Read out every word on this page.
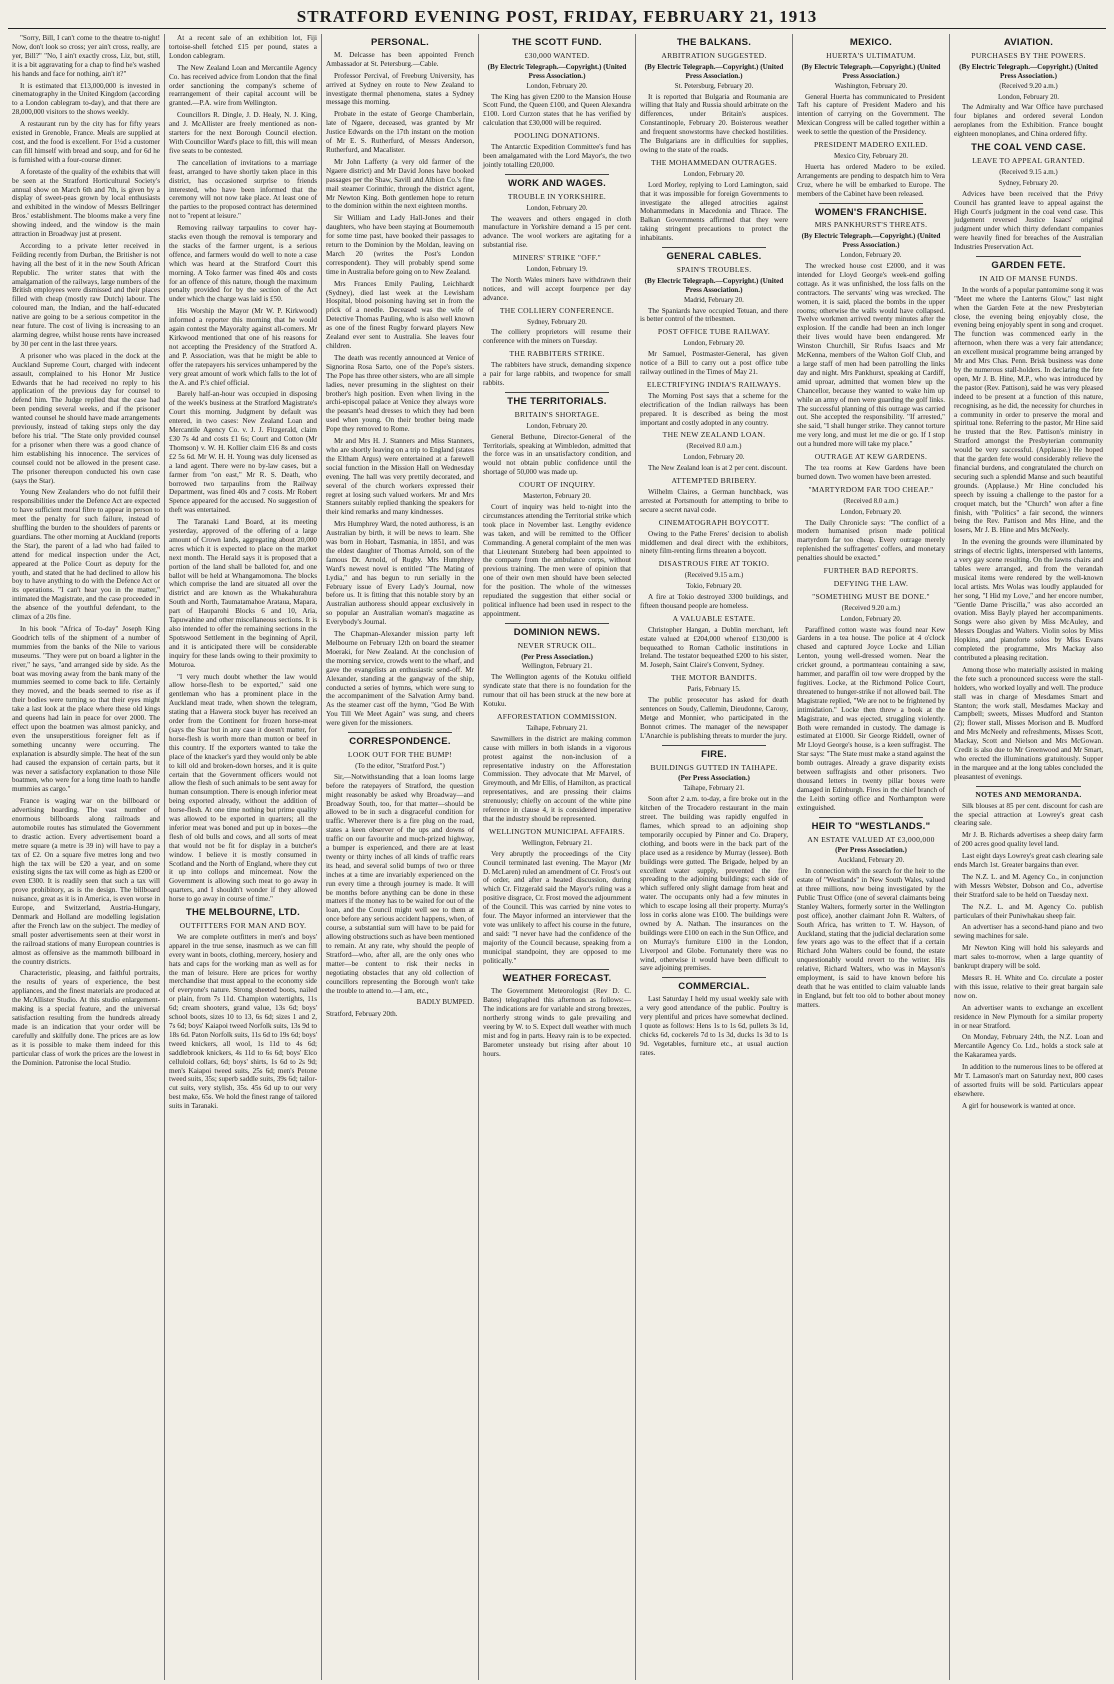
STRATFORD EVENING POST, FRIDAY, FEBRUARY 21, 1913

"Sorry, Bill, I can't come to the theatre to-night! Now, don't look so cross; yer ain't cross, really, are yer, Bill?" "No, I ain't exactly cross, Liz, but, still, it is a bit aggravating for a chap to find he's washed his hands and face for nothing, ain't it?"

It is estimated that £13,000,000 is invested in cinematography in the United Kingdom (according to a London cablegram to-day), and that there are 28,000,000 visitors to the shows weekly.

A restaurant run by the city has for fifty years existed in Grenoble, France. Meals are supplied at cost, and the food is excellent. For 1½d a customer can fill himself with bread and soup, and for 6d he is furnished with a four-course dinner.

A foretaste of the quality of the exhibits that will be seen at the Stratford Horticultural Society's annual show on March 6th and 7th, is given by a display of sweet-peas grown by local enthusiasts and exhibited in the window of Messrs Bellringer Bros.' establishment. The blooms make a very fine showing indeed, and the window is the main attraction in Broadway just at present.

According to a private letter received in Feilding recently from Durban, the Britisher is not having all the best of it in the new South African Republic. The writer states that with the amalgamation of the railways, large numbers of the British employees were dismissed and their places filled with cheap (mostly raw Dutch) labour. The coloured man, the Indian, and the half-educated native are going to be a serious competitor in the near future. The cost of living is increasing to an alarming degree, whilst house rents have increased by 30 per cent in the last three years.

A prisoner who was placed in the dock at the Auckland Supreme Court, charged with indecent assault, complained to his Honor Mr Justice Edwards that he had received no reply to his application of the previous day for counsel to defend him. The Judge replied that the case had been pending several weeks, and if the prisoner wanted counsel he should have made arrangements previously, instead of taking steps only the day before his trial. "The State only provided counsel for a prisoner when there was a good chance of him establishing his innocence. The services of counsel could not be allowed in the present case. The prisoner thereupon conducted his own case (says the Star).

Young New Zealanders who do not fulfil their responsibilities under the Defence Act are expected to have sufficient moral fibre to appear in person to meet the penalty for such failure, instead of shuffling the burden to the shoulders of parents or guardians. The other morning at Auckland (reports the Star), the parent of a lad who had failed to attend for medical inspection under the Act, appeared at the Police Court as deputy for the youth, and stated that he had declined to allow his boy to have anything to do with the Defence Act or its operations. "I can't hear you in the matter," intimated the Magistrate, and the case proceeded in the absence of the youthful defendant, to the climax of a 20s fine.

In his book "Africa of To-day" Joseph King Goodrich tells of the shipment of a number of mummies from the banks of the Nile to various museums. "They were put on board a lighter in the river," he says, "and arranged side by side. As the boat was moving away from the bank many of the mummies seemed to come back to life. Certainly they moved, and the beads seemed to rise as if their bodies were turning so that their eyes might take a last look at the place where these old kings and queens had lain in peace for over 2000. The effect upon the boatmen was almost panicky, and even the unsuperstitious foreigner felt as if something uncanny were occurring. The explanation is absurdly simple. The heat of the sun had caused the expansion of certain parts, but it was never a satisfactory explanation to those Nile boatmen, who were for a long time loath to handle mummies as cargo."

France is waging war on the billboard or advertising hoarding. The vast number of enormous billboards along railroads and automobile routes has stimulated the Government to drastic action. Every advertisement board a metre square (a metre is 39 in) will have to pay a tax of £2. On a square five metres long and two high the tax will be £20 a year, and on some existing signs the tax will come as high as £200 or even £300. It is readily seen that such a tax will prove prohibitory, as is the design. The billboard nuisance, great as it is in America, is even worse in Europe, and Switzerland, Austria-Hungary, Denmark and Holland are modelling legislation after the French law on the subject. The medley of small poster advertisements seen at their worst in the railroad stations of many European countries is almost as offensive as the mammoth billboard in the country districts.

Characteristic, pleasing, and faithful portraits, the results of years of experience, the best appliances, and the finest materials are produced at the McAllister Studio. At this studio enlargement-making is a special feature, and the universal satisfaction resulting from the hundreds already made is an indication that your order will be carefully and skilfully done. The prices are as low as it is possible to make them indeed for this particular class of work the prices are the lowest in the Dominion. Patronise the local Studio.

At a recent sale of an exhibition lot, Fiji tortoise-shell fetched £15 per pound, states a London cablegram.

The New Zealand Loan and Mercantile Agency Co. has received advice from London that the final order sanctioning the company's scheme of rearrangement of their capital account will be granted.—P.A. wire from Wellington.

Councillors R. Dingle, J. D. Healy, N. J. King, and J. McAllister are freely mentioned as non-starters for the next Borough Council election. With Councillor Ward's place to fill, this will mean five seats to be contested.

The cancellation of invitations to a marriage feast, arranged to have shortly taken place in this district, has occasioned surprise to friends interested, who have been informed that the ceremony will not now take place. At least one of the parties to the proposed contract has determined not to "repent at leisure."

Removing railway tarpaulins to cover hay-stacks even though the removal is temporary and the stacks of the farmer urgent, is a serious offence, and farmers would do well to note a case which was heard at the Stratford Court this morning. A Toko farmer was fined 40s and costs for an offence of this nature, though the maximum penalty provided for by the section of the Act under which the charge was laid is £50.

His Worship the Mayor (Mr W. P. Kirkwood) informed a reporter this morning that he would again contest the Mayoralty against all-comers. Mr Kirkwood mentioned that one of his reasons for not accepting the Presidency of the Stratford A. and P. Association, was that he might be able to offer the ratepayers his services unhampered by the very great amount of work which falls to the lot of the A. and P.'s chief official.

Barely half-an-hour was occupied in disposing of the week's business at the Stratford Magistrate's Court this morning. Judgment by default was entered, in two cases: New Zealand Loan and Mercantile Agency Co. v. J. J. Fitzgerald, claim £30 7s 4d and costs £1 6s; Court and Cotton (Mr Thomson) v. W. H. Kollier claim £16 8s and costs £2 5s 6d. Mr W. H. H. Young was duly licensed as a land agent. There were no by-law cases, but a farmer from "on east," Mr R. S. Death, who borrowed two tarpaulins from the Railway Department, was fined 40s and 7 costs. Mr Robert Spence appeared for the accused. No suggestion of theft was entertained.

The Taranaki Land Board, at its meeting yesterday, approved of the offering of a large amount of Crown lands, aggregating about 20,000 acres which it is expected to place on the market next month. The Herald says it is proposed that a portion of the land shall be balloted for, and one ballot will be held at Whangamomona. The blocks which comprise the land are situated all over the district and are known as the Whakahurahura South and North, Taumatamahoe Arataua, Mapara, part of Hauparohi Blocks 6 and 10, Aria, Tapuwahine and other miscellaneous sections. It is also intended to offer the remaining sections in the Spotswood Settlement in the beginning of April, and it is anticipated there will be considerable inquiry for these lands owing to their proximity to Moturoa.

"I very much doubt whether the law would allow horse-flesh to be exported," said one gentleman who has a prominent place in the Auckland meat trade, when shown the telegram, stating that a Hawera stock buyer has received an order from the Continent for frozen horse-meat (says the Star but in any case it doesn't matter, for horse-flesh is worth more than mutton or beef in this country. If the exporters wanted to take the place of the knacker's yard they would only be able to kill old and broken-down horses, and it is quite certain that the Government officers would not allow the flesh of such animals to be sent away for human consumption. There is enough inferior meat being exported already, without the addition of horse-flesh. At one time nothing but prime quality was allowed to be exported in quarters; all the inferior meat was boned and put up in boxes—the flesh of old bulls and cows, and all sorts of meat that would not be fit for display in a butcher's window. I believe it is mostly consumed in Scotland and the North of England, where they cut it up into collops and mincemeat. Now the Government is allowing such meat to go away in quarters, and I shouldn't wonder if they allowed horse to go away in course of time."

THE MELBOURNE, LTD.
OUTFITTERS FOR MAN AND BOY.

We are complete outfitters in men's and boys' apparel in the true sense, inasmuch as we can fill every want in boots, clothing, mercery, hosiery and hats and caps for the working man as well as for the man of leisure. Here are prices for worthy merchandise that must appeal to the economy side of everyone's nature. Strong sheeted boots, nailed or plain, from 7s 11d. Champion watertights, 11s 6d; cream shooters, grand value, 13s 6d; boys' school boots, sizes 10 to 13, 6s 6d; sizes 1 and 2, 7s 6d; boys' Kaiapoi tweed Norfolk suits, 13s 9d to 18s 6d. Paton Norfolk suits, 11s 6d to 19s 6d; boys' tweed knickers, all wool, 1s 11d to 4s 6d; saddlebrook knickers, 4s 11d to 6s 6d; boys' Elco celluloid collars, 6d; boys' shirts, 1s 6d to 2s 9d; men's Kaiapoi tweed suits, 25s 6d; men's Petone tweed suits, 35s; superb saddle suits, 39s 6d; tailor-cut suits, very stylish, 35s. 45s 6d up to our very best make, 65s. We hold the finest range of tailored suits in Taranaki.

PERSONAL.

M. Delcasse has been appointed French Ambassador at St. Petersburg.—Cable.

Professor Percival, of Freeburg University, has arrived at Sydney en route to New Zealand to investigate thermal phenomena, states a Sydney message this morning.

Probate in the estate of George Chamberlain, late of Ngaere, deceased, was granted by Mr Justice Edwards on the 17th instant on the motion of Mr E. S. Rutherfurd, of Messrs Anderson, Rutherfurd, and Macalister.

Mr John Lafferty (a very old farmer of the Ngaere district) and Mr David Jones have booked passages per the Shaw, Savill and Albion Co.'s fine mail steamer Corinthic, through the district agent, Mr Newton King. Both gentlemen hope to return to the dominion within the next eighteen months.

Sir William and Lady Hall-Jones and their daughters, who have been staying at Bournemouth for some time past, have booked their passages to return to the Dominion by the Moldan, leaving on March 20 (writes the Post's London correspondent). They will probably spend some time in Australia before going on to New Zealand.

Mrs Frances Emily Pauling, Leichhardt (Sydney), died last week at the Lewisham Hospital, blood poisoning having set in from the prick of a needle. Deceased was the wife of Detective Thomas Pauling, who is also well known as one of the finest Rugby forward players New Zealand ever sent to Australia. She leaves four children.

The death was recently announced at Venice of Signorina Rosa Sarto, one of the Pope's sisters. The Pope has three other sisters, who are all simple ladies, never presuming in the slightest on their brother's high position. Even when living in the archi-episcopal palace at Venice they always wore the peasant's head dresses to which they had been used when young. On their brother being made Pope they removed to Rome.

Mr and Mrs H. J. Stanners and Miss Stanners, who are shortly leaving on a trip to England (states the Eltham Argus) were entertained at a farewell social function in the Mission Hall on Wednesday evening. The hall was very prettily decorated, and several of the church workers expressed their regret at losing such valued workers. Mr and Mrs Stanners suitably replied thanking the speakers for their kind remarks and many kindnesses.

Mrs Humphrey Ward, the noted authoress, is an Australian by birth, it will be news to learn. She was born in Hobart, Tasmania, in 1851, and was the eldest daughter of Thomas Arnold, son of the famous Dr. Arnold, of Rugby. Mrs Humphrey Ward's newest novel is entitled "The Mating of Lydia," and has begun to run serially in the February issue of Every Lady's Journal, now before us. It is fitting that this notable story by an Australian authoress should appear exclusively in so popular an Australian woman's magazine as Everybody's Journal.

The Chapman-Alexander mission party left Melbourne on February 12th on board the steamer Moeraki, for New Zealand. At the conclusion of the morning service, crowds went to the wharf, and gave the evangelists an enthusiastic send-off. Mr Alexander, standing at the gangway of the ship, conducted a series of hymns, which were sung to the accompaniment of the Salvation Army band. As the steamer cast off the hymn, "God Be With You Till We Meet Again" was sung, and cheers were given for the missioners.

CORRESPONDENCE.
LOOK OUT FOR THE BUMP!
(To the editor, "Stratford Post.")

Sir,—Notwithstanding that a loan looms large before the ratepayers of Stratford, the question might reasonably be asked why Broadway—and Broadway South, too, for that matter—should be allowed to be in such a disgraceful condition for traffic. Wherever there is a fire plug on the road, states a keen observer of the ups and downs of traffic on our favourite and much-prized highway, a bumper is experienced, and there are at least twenty or thirty inches of all kinds of traffic rears its head, and several solid bumps of two or three inches at a time are invariably experienced on the run every time a through journey is made. It will be months before anything can be done in these matters if the money has to be waited for out of the loan, and the Council might well see to them at once before any serious accident happens, when, of course, a substantial sum will have to be paid for allowing obstructions such as have been mentioned to remain. At any rate, why should the people of Stratford—who, after all, are the only ones who matter—be content to risk their necks in negotiating obstacles that any old collection of councillors representing the Borough won't take the trouble to attend to.—I am, etc.,

BADLY BUMPED.
Stratford, February 20th.
THE SCOTT FUND.
£30,000 WANTED.
(By Electric Telegraph.—Copyright.) (United Press Association.)
London, February 20.

The King has given £200 to the Mansion House Scott Fund, the Queen £100, and Queen Alexandra £100. Lord Curzon states that he has verified by calculation that £30,000 will be required.

POOLING DONATIONS.

The Antarctic Expedition Committee's fund has been amalgamated with the Lord Mayor's, the two jointly totalling £20,000.

WORK AND WAGES.
TROUBLE IN YORKSHIRE.
London, February 20.

The weavers and others engaged in cloth manufacture in Yorkshire demand a 15 per cent. advance. The wool workers are agitating for a substantial rise.

MINERS' STRIKE "OFF."
London, February 19.

The North Wales miners have withdrawn their notices, and will accept fourpence per day advance.

THE COLLIERY CONFERENCE.
Sydney, February 20.

The colliery proprietors will resume their conference with the miners on Tuesday.

THE RABBITERS STRIKE.

The rabbiters have struck, demanding sixpence a pair for large rabbits, and twopence for small rabbits.

THE TERRITORIALS.
BRITAIN'S SHORTAGE.
London, February 20.

General Bethune, Director-General of the Territorials, speaking at Wimbledon, admitted that the force was in an unsatisfactory condition, and would not obtain public confidence until the shortage of 50,000 was made up.

COURT OF INQUIRY.
Masterton, February 20.

Court of inquiry was held to-night into the circumstances attending the Territorial strike which took place in November last. Lengthy evidence was taken, and will be remitted to the Officer Commanding. A general complaint of the men was that Lieutenant Stuteberg had been appointed to the company from the ambulance corps, without previous training. The men were of opinion that one of their own men should have been selected for the position. The whole of the witnesses repudiated the suggestion that either social or political influence had been used in respect to the appointment.

DOMINION NEWS.
NEVER STRUCK OIL.
(Per Press Association.)
Wellington, February 21.

The Wellington agents of the Kotuku oilfield syndicate state that there is no foundation for the rumour that oil has been struck at the new bore at Kotuku.

AFFORESTATION COMMISSION.
Taihape, February 21.

Sawmillers in the district are making common cause with millers in both islands in a vigorous protest against the non-inclusion of a representative industry on the Afforestation Commission. They advocate that Mr Marvel, of Greymouth, and Mr Ellis, of Hamilton, as practical representatives, and are pressing their claims strenuously; chiefly on account of the white pine reference in clause 4, it is considered imperative that the industry should be represented.

WELLINGTON MUNICIPAL AFFAIRS.
Wellington, February 21.

Very abruptly the proceedings of the City Council terminated last evening. The Mayor (Mr D. McLaren) ruled an amendment of Cr. Frost's out of order, and after a heated discussion, during which Cr. Fitzgerald said the Mayor's ruling was a positive disgrace, Cr. Frost moved the adjournment of the Council. This was carried by nine votes to four. The Mayor informed an interviewer that the vote was unlikely to affect his course in the future, and said: "I never have had the confidence of the majority of the Council because, speaking from a municipal standpoint, they are opposed to me politically."

WEATHER FORECAST.

The Government Meteorologist (Rev D. C. Bates) telegraphed this afternoon as follows:— The indications are for variable and strong breezes, northerly strong winds to gale prevailing and veering by W. to S. Expect dull weather with much mist and fog in parts. Heavy rain is to be expected. Barometer unsteady but rising after about 10 hours.

THE BALKANS.
ARBITRATION SUGGESTED.
(By Electric Telegraph.—Copyright.) (United Press Association.)
St. Petersburg, February 20.

It is reported that Bulgaria and Roumania are willing that Italy and Russia should arbitrate on the differences, under Britain's auspices. Constantinople, February 20. Boisterous weather and frequent snowstorms have checked hostilities. The Bulgarians are in difficulties for supplies, owing to the state of the roads.

THE MOHAMMEDAN OUTRAGES.
London, February 20.

Lord Morley, replying to Lord Lamington, said that it was impossible for foreign Governments to investigate the alleged atrocities against Mohammedans in Macedonia and Thrace. The Balkan Governments affirmed that they were taking stringent precautions to protect the inhabitants.

GENERAL CABLES.
SPAIN'S TROUBLES.
(By Electric Telegraph.—Copyright.) (United Press Association.)
Madrid, February 20.

The Spaniards have occupied Tetuan, and there is better control of the tribesmen.

POST OFFICE TUBE RAILWAY.
London, February 20.

Mr Samuel, Postmaster-General, has given notice of a Bill to carry out a post office tube railway outlined in the Times of May 21.

ELECTRIFYING INDIA'S RAILWAYS.

The Morning Post says that a scheme for the electrification of the Indian railways has been prepared. It is described as being the most important and costly adopted in any country.

THE NEW ZEALAND LOAN.
(Received 8.0 a.m.)
London, February 20.

The New Zealand loan is at 2 per cent. discount.

ATTEMPTED BRIBERY.

Wilhelm Claires, a German hunchback, was arrested at Portsmouth for attempting to bribe to secure a secret naval code.

CINEMATOGRAPH BOYCOTT.

Owing to the Pathe Freres' decision to abolish middlemen and deal direct with the exhibitors, ninety film-renting firms threaten a boycott.

DISASTROUS FIRE AT TOKIO.
(Received 9.15 a.m.)
Tokio, February 20.

A fire at Tokio destroyed 3300 buildings, and fifteen thousand people are homeless.

A VALUABLE ESTATE.

Christopher Hangan, a Dublin merchant, left estate valued at £204,000 whereof £130,000 is bequeathed to Roman Catholic institutions in Ireland. The testator bequeathed £200 to his sister, M. Joseph, Saint Claire's Convent, Sydney.

THE MOTOR BANDITS.
Paris, February 15.

The public prosecutor has asked for death sentences on Soudy, Callemin, Dieudonne, Carouy, Metge and Monnier, who participated in the Bonnot crimes. The manager of the newspaper L'Anarchie is publishing threats to murder the jury.

FIRE.
BUILDINGS GUTTED IN TAIHAPE.
(Per Press Association.)
Taihape, February 21.

Soon after 2 a.m. to-day, a fire broke out in the kitchen of the Trocadero restaurant in the main street. The building was rapidly engulfed in flames, which spread to an adjoining shop temporarily occupied by Pinner and Co. Drapery, clothing, and boots were in the back part of the place used as a residence by Murray (lessee). Both buildings were gutted. The Brigade, helped by an excellent water supply, prevented the fire spreading to the adjoining buildings; each side of which suffered only slight damage from heat and water. The occupants only had a few minutes in which to escape losing all their property. Murray's loss in corks alone was £100. The buildings were owned by A. Nathan. The insurances on the buildings were £100 on each in the Sun Office, and on Murray's furniture £100 in the London, Liverpool and Globe. Fortunately there was no wind, otherwise it would have been difficult to save adjoining premises.

COMMERCIAL.

Last Saturday I held my usual weekly sale with a very good attendance of the public. Poultry is very plentiful and prices have somewhat declined. I quote as follows: Hens 1s to 1s 6d, pullets 3s 1d, chicks 6d, cockerels 7d to 1s 3d, ducks 1s 3d to 1s 9d. Vegetables, furniture etc., at usual auction rates.

MEXICO.
HUERTA'S ULTIMATUM.
(By Electric Telegraph.—Copyright.) (United Press Association.)
Washington, February 20.

General Huerta has communicated to President Taft his capture of President Madero and his intention of carrying on the Government. The Mexican Congress will be called together within a week to settle the question of the Presidency.

PRESIDENT MADERO EXILED.
Mexico City, February 20.

Huerta has ordered Madero to be exiled. Arrangements are pending to despatch him to Vera Cruz, where he will be embarked to Europe. The members of the Cabinet have been released.

WOMEN'S FRANCHISE.
MRS PANKHURST'S THREATS.
(By Electric Telegraph.—Copyright.) (United Press Association.)
London, February 20.

The wrecked house cost £2000, and it was intended for Lloyd George's week-end golfing cottage. As it was unfinished, the loss falls on the contractors. The servants' wing was wrecked. The women, it is said, placed the bombs in the upper rooms; otherwise the walls would have collapsed. Twelve workmen arrived twenty minutes after the explosion. If the candle had been an inch longer their lives would have been endangered. Mr Winston Churchill, Sir Rufus Isaacs and Mr McKenna, members of the Walton Golf Club, and a large staff of men had been patrolling the links day and night. Mrs Pankhurst, speaking at Cardiff, amid uproar, admitted that women blew up the Chancellor, because they wanted to wake him up while an army of men were guarding the golf links. The successful planning of this outrage was carried out. She accepted the responsibility. "If arrested," she said, "I shall hunger strike. They cannot torture me very long, and must let me die or go. If I stop out a hundred more will take my place."

OUTRAGE AT KEW GARDENS.

The tea rooms at Kew Gardens have been burned down. Two women have been arrested.

"MARTYRDOM FAR TOO CHEAP."
(Received 8.0 a.m.)
London, February 20.

The Daily Chronicle says: "The conflict of a modern humanised prison made political martyrdom far too cheap. Every outrage merely replenished the suffragettes' coffers, and monetary penalties should be exacted."

FURTHER BAD REPORTS.
DEFYING THE LAW.
"SOMETHING MUST BE DONE."
(Received 9.20 a.m.)
London, February 20.

Paraffined cotton waste was found near Kew Gardens in a tea house. The police at 4 o'clock chased and captured Joyce Locke and Lilian Lenton, young well-dressed women. Near the cricket ground, a portmanteau containing a saw, hammer, and paraffin oil tow were dropped by the fugitives. Locke, at the Richmond Police Court, threatened to hunger-strike if not allowed bail. The Magistrate replied, "We are not to be frightened by intimidation." Locke then threw a book at the Magistrate, and was ejected, struggling violently. Both were remanded in custody. The damage is estimated at £1000. Sir George Riddell, owner of Mr Lloyd George's house, is a keen suffragist. The Star says: "The State must make a stand against the bomb outrages. Already a grave disparity exists between suffragists and other prisoners. Two thousand letters in twenty pillar boxes were damaged in Edinburgh. Fires in the chief branch of the Leith sorting office and Northampton were extinguished.

HEIR TO "WESTLANDS."
AN ESTATE VALUED AT £3,000,000
(Per Press Association.)
Auckland, February 20.

In connection with the search for the heir to the estate of "Westlands" in New South Wales, valued at three millions, now being investigated by the Public Trust Office (one of several claimants being Stanley Walters, formerly sorter in the Wellington post office), another claimant John R. Walters, of South Africa, has written to T. W. Hayson, of Auckland, stating that the judicial declaration some few years ago was to the effect that if a certain Richard John Walters could be found, the estate unquestionably would revert to the writer. His relative, Richard Walters, who was in Mayson's employment, is said to have known before his death that he was entitled to claim valuable lands in England, but felt too old to bother about money matters.

AVIATION.
PURCHASES BY THE POWERS.
(By Electric Telegraph.—Copyright.) (United Press Association.)
(Received 9.20 a.m.)
London, February 20.

The Admiralty and War Office have purchased four biplanes and ordered several London aeroplanes from the Exhibition. France bought eighteen monoplanes, and China ordered fifty.

THE COAL VEND CASE.
LEAVE TO APPEAL GRANTED.
(Received 9.15 a.m.)
Sydney, February 20.

Advices have been received that the Privy Council has granted leave to appeal against the High Court's judgment in the coal vend case. This judgement reversed Justice Isaacs' original judgment under which thirty defendant companies were heavily fined for breaches of the Australian Industries Preservation Act.

GARDEN FETE.
IN AID OF MANSE FUNDS.

In the words of a popular pantomime song it was "Meet me where the Lanterns Glow," last night when the Garden Fete at the new Presbyterian close, the evening being enjoyably close, the evening being enjoyably spent in song and croquet. The function was commenced early in the afternoon, when there was a very fair attendance; an excellent musical programme being arranged by Mr and Mrs Chas. Penn. Brisk business was done by the numerous stall-holders. In declaring the fete open, Mr J. B. Hine, M.P., who was introduced by the pastor (Rev. Pattison), said he was very pleased indeed to be present at a function of this nature, recognising, as he did, the necessity for churches in a community in order to preserve the moral and spiritual tone. Referring to the pastor, Mr Hine said he trusted that the Rev. Pattison's ministry in Stratford amongst the Presbyterian community would be very successful. (Applause.) He hoped that the garden fete would considerably relieve the financial burdens, and congratulated the church on securing such a splendid Manse and such beautiful grounds. (Applause.) Mr Hine concluded his speech by issuing a challenge to the pastor for a croquet match, but the "Church" won after a fine finish, with "Politics" a fair second, the winners being the Rev. Pattison and Mrs Hine, and the losers, Mr J. B. Hine and Mrs McNeely.

In the evening the grounds were illuminated by strings of electric lights, interspersed with lanterns, a very gay scene resulting. On the lawns chairs and tables were arranged, and from the verandah musical items were rendered by the well-known local artists. Mrs Wolas was loudly applauded for her song, "I Hid my Love," and her encore number, "Gentle Dame Priscilla," was also accorded an ovation. Miss Bayly played her accompaniments. Songs were also given by Miss McAuley, and Messrs Douglas and Walters. Violin solos by Miss Hopkins, and pianoforte solos by Miss Evans completed the programme, Mrs Mackay also contributed a pleasing recitation.

Among those who materially assisted in making the fete such a pronounced success were the stall-holders, who worked loyally and well. The produce stall was in charge of Mesdames Smart and Stanton; the work stall, Mesdames Mackay and Campbell; sweets, Misses Mudford and Stanton (2); flower stall, Misses Morison and B. Mudford and Mrs McNeely and refreshments, Misses Scott, Mackay, Scott and Nielson and Mrs McGowan. Credit is also due to Mr Greenwood and Mr Smart, who erected the illuminations gratuitously. Supper in the marquee and at the long tables concluded the pleasantest of evenings.

NOTES AND MEMORANDA.

Silk blouses at 85 per cent. discount for cash are the special attraction at Lowrey's great cash clearing sale.

Mr J. B. Richards advertises a sheep dairy farm of 200 acres good quality level land.

Last eight days Lowrey's great cash clearing sale ends March 1st. Greater bargains than ever.

The N.Z. L. and M. Agency Co., in conjunction with Messrs Webster, Dobson and Co., advertise their Stratford sale to be held on Tuesday next.

The N.Z. L. and M. Agency Co. publish particulars of their Puniwhakau sheep fair.

An advertiser has a second-hand piano and two sewing machines for sale.

Mr Newton King will hold his saleyards and mart sales to-morrow, when a large quantity of bankrupt drapery will be sold.

Messrs R. H. White and Co. circulate a poster with this issue, relative to their great bargain sale now on.

An advertiser wants to exchange an excellent residence in New Plymouth for a similar property in or near Stratford.

On Monday, February 24th, the N.Z. Loan and Mercantile Agency Co. Ltd., holds a stock sale at the Kakaramea yards.

In addition to the numerous lines to be offered at Mr T. Lamason's mart on Saturday next, 800 cases of assorted fruits will be sold. Particulars appear elsewhere.

A girl for housework is wanted at once.
